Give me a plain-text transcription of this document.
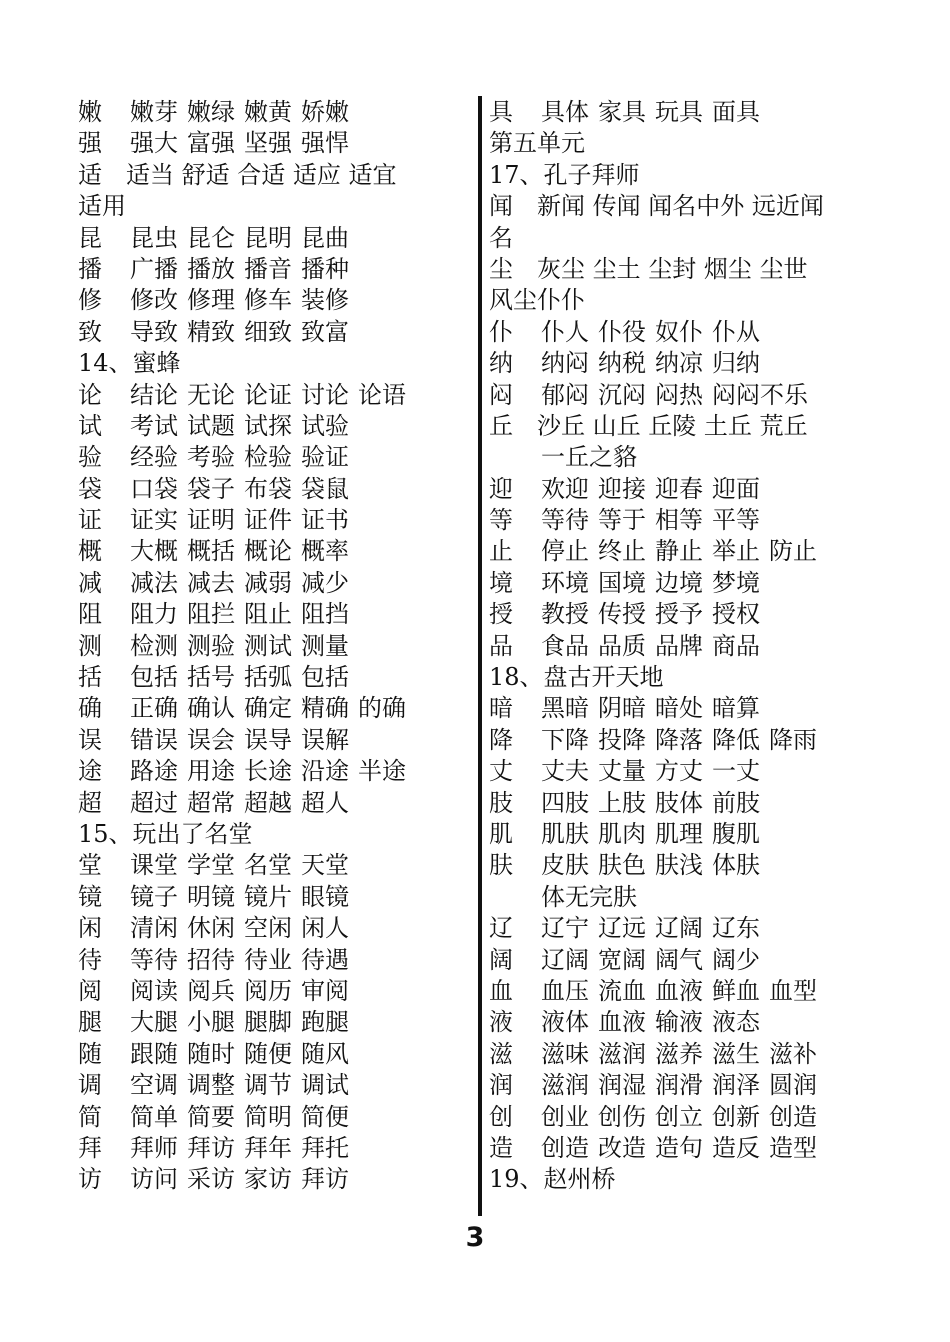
嫩 嫩芽 嫩绿 嫩黄 娇嫩
强 强大 富强 坚强 强悍
适　适当 舒适 合适 适应 适宜
适用
昆 昆虫 昆仑 昆明 昆曲
播 广播 播放 播音 播种
修 修改 修理 修车 装修
致 导致 精致 细致 致富
14、蜜蜂
论 结论 无论 论证 讨论 论语
试 考试 试题 试探 试验
验 经验 考验 检验 验证
袋 口袋 袋子 布袋 袋鼠
证 证实 证明 证件 证书
概 大概 概括 概论 概率
减 减法 减去 减弱 减少
阻 阻力 阻拦 阻止 阻挡
测 检测 测验 测试 测量
括 包括 括号 括弧 包括
确 正确 确认 确定 精确 的确
误 错误 误会 误导 误解
途 路途 用途 长途 沿途 半途
超 超过 超常 超越 超人
15、玩出了名堂
堂 课堂 学堂 名堂 天堂
镜 镜子 明镜 镜片 眼镜
闲 清闲 休闲 空闲 闲人
待 等待 招待 待业 待遇
阅 阅读 阅兵 阅历 审阅
腿 大腿 小腿 腿脚 跑腿
随 跟随 随时 随便 随风
调 空调 调整 调节 调试
简 简单 简要 简明 简便
拜 拜师 拜访 拜年 拜托
访 访问 采访 家访 拜访
具 具体 家具 玩具 面具
第五单元
17、孔子拜师
闻　新闻 传闻 闻名中外 远近闻
名
尘　灰尘 尘土 尘封 烟尘 尘世
风尘仆仆
仆 仆人 仆役 奴仆 仆从
纳 纳闷 纳税 纳凉 归纳
闷 郁闷 沉闷 闷热 闷闷不乐
丘　沙丘 山丘 丘陵 土丘 荒丘
一丘之貉
迎 欢迎 迎接 迎春 迎面
等 等待 等于 相等 平等
止 停止 终止 静止 举止 防止
境 环境 国境 边境 梦境
授 教授 传授 授予 授权
品 食品 品质 品牌 商品
18、盘古开天地
暗 黑暗 阴暗 暗处 暗算
降 下降 投降 降落 降低 降雨
丈 丈夫 丈量 方丈 一丈
肢 四肢 上肢 肢体 前肢
肌 肌肤 肌肉 肌理 腹肌
肤 皮肤 肤色 肤浅 体肤
体无完肤
辽 辽宁 辽远 辽阔 辽东
阔 辽阔 宽阔 阔气 阔少
血 血压 流血 血液 鲜血 血型
液 液体 血液 输液 液态
滋 滋味 滋润 滋养 滋生 滋补
润 滋润 润湿 润滑 润泽 圆润
创 创业 创伤 创立 创新 创造
造 创造 改造 造句 造反 造型
19、赵州桥
3
